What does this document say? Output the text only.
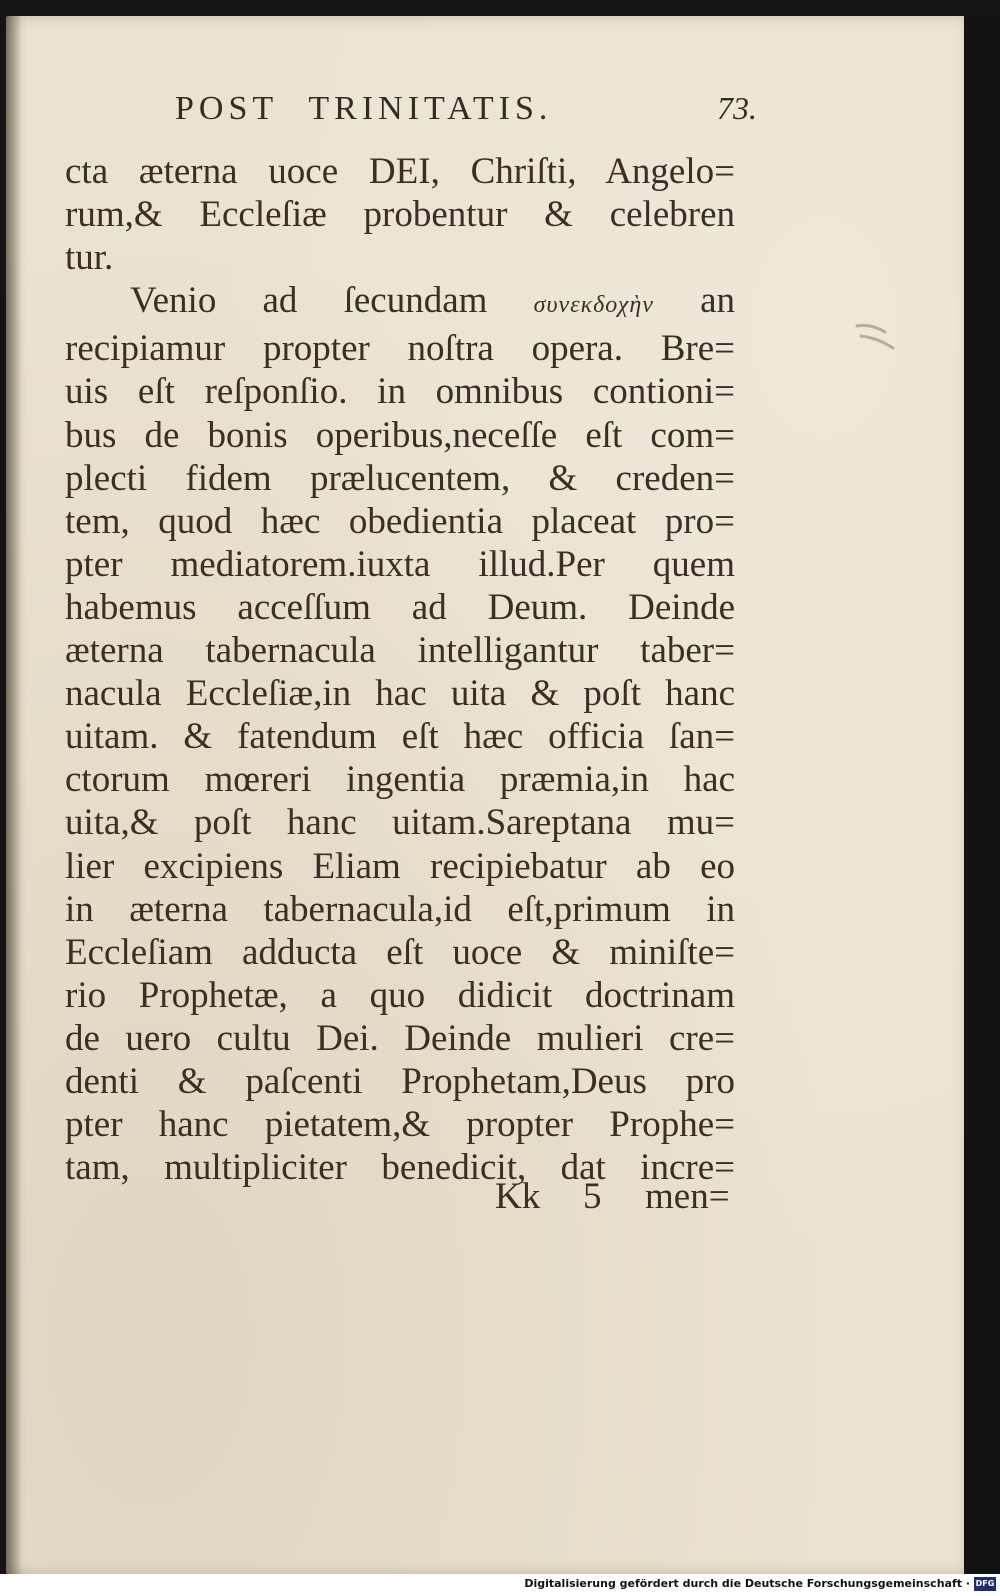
POST TRINITATIS.	73.
cta æterna uoce DEI, Chriſti, Angelo=
rum,& Eccleſiæ probentur & celebren
tur.
Venio ad ſecundam συνεκδοχὴν an
recipiamur propter noſtra opera. Bre=
uis eſt reſponſio. in omnibus contioni=
bus de bonis operibus,neceſſe eſt com=
plecti fidem prælucentem, & creden=
tem, quod hæc obedientia placeat pro=
pter mediatorem.iuxta illud.Per quem
habemus acceſſum ad Deum. Deinde
æterna tabernacula intelligantur taber=
nacula Eccleſiæ,in hac uita & poſt hanc
uitam. & fatendum eſt hæc officia ſan=
ctorum mœreri ingentia præmia,in hac
uita,& poſt hanc uitam.Sareptana mu=
lier excipiens Eliam recipiebatur ab eo
in æterna tabernacula,id eſt,primum in
Eccleſiam adducta eſt uoce & miniſte=
rio Prophetæ, a quo didicit doctrinam
de uero cultu Dei. Deinde mulieri cre=
denti & paſcenti Prophetam,Deus pro
pter hanc pietatem,& propter Prophe=
tam, multipliciter benedicit, dat incre=
Kk 5 men=
Digitalisierung gefördert durch die Deutsche Forschungsgemeinschaft · DFG
